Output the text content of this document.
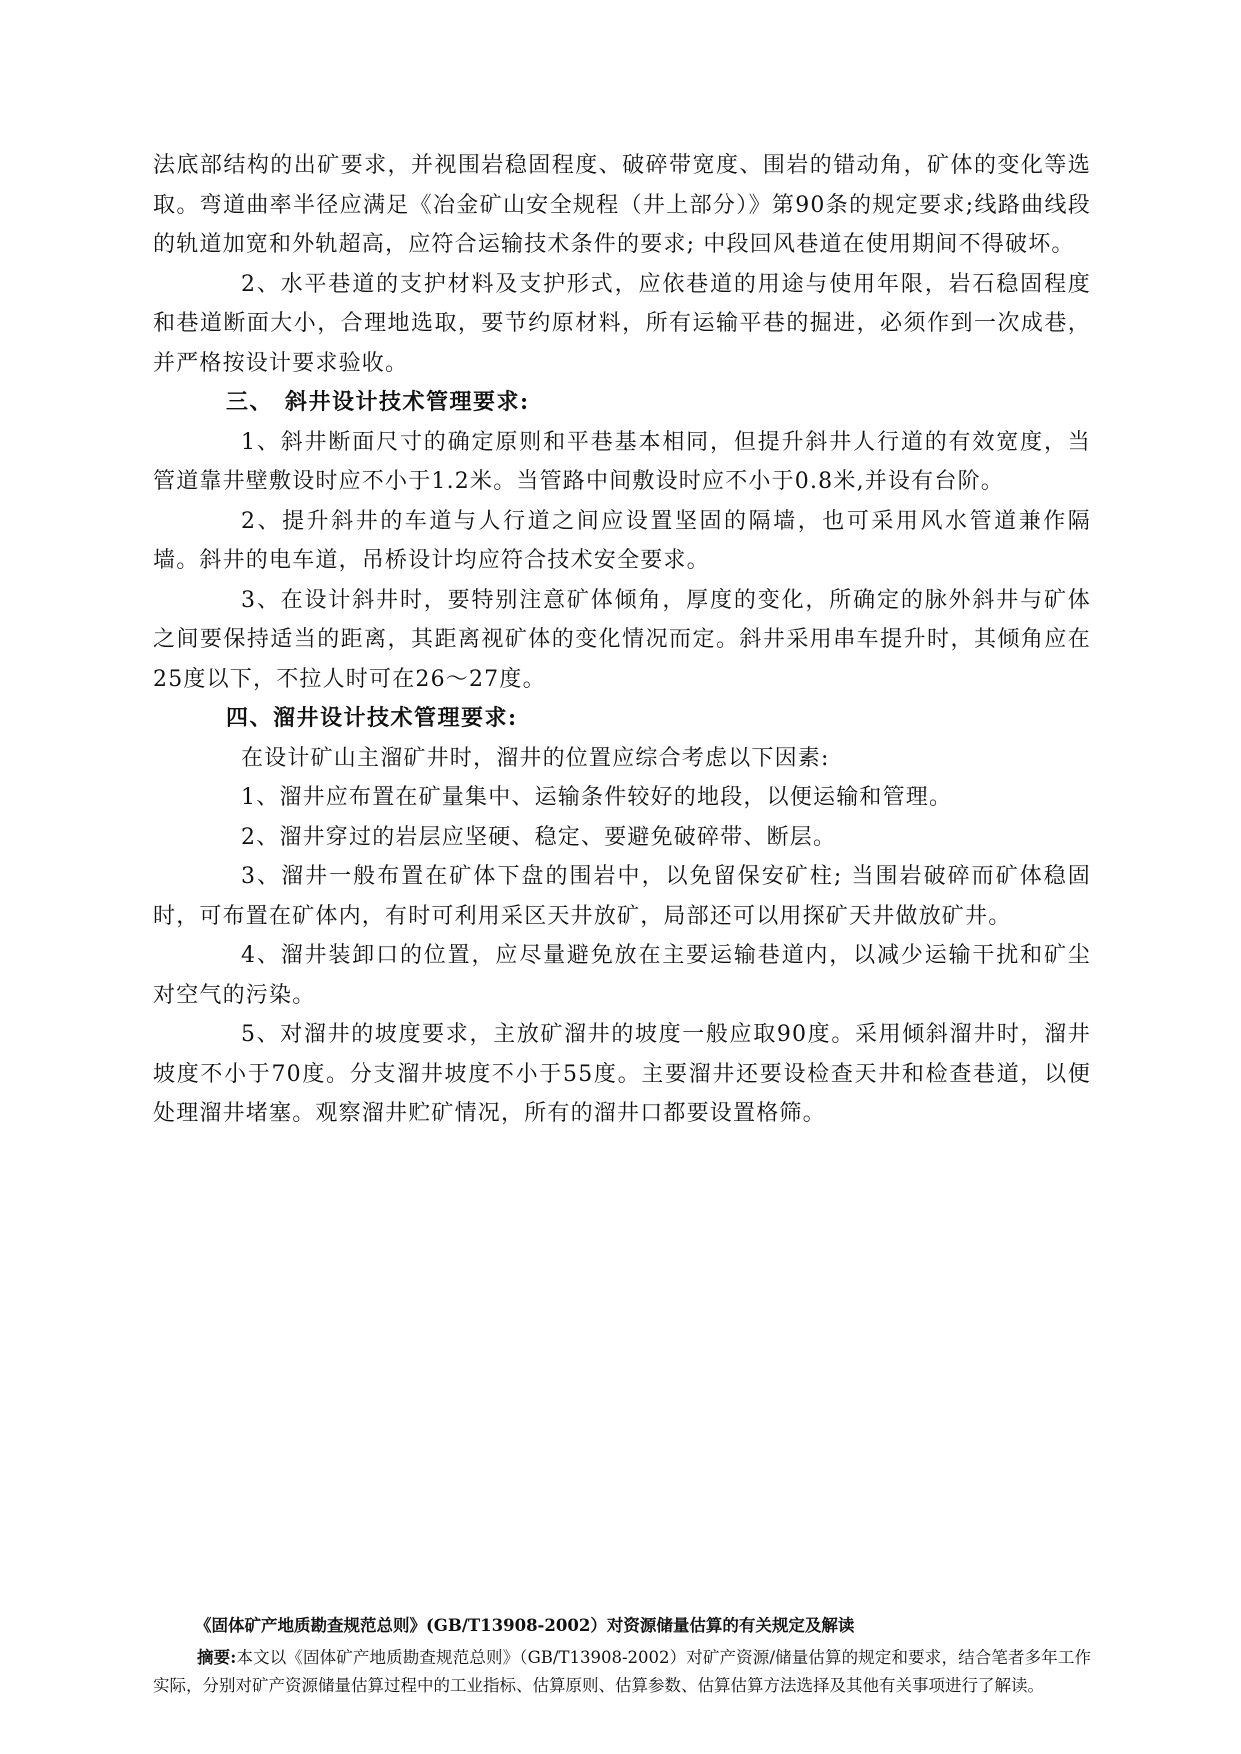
法底部结构的出矿要求，并视围岩稳固程度、破碎带宽度、围岩的错动角，矿体的变化等选取。弯道曲率半径应满足《冶金矿山安全规程（井上部分）》第90条的规定要求;线路曲线段的轨道加宽和外轨超高，应符合运输技术条件的要求; 中段回风巷道在使用期间不得破坏。

2、水平巷道的支护材料及支护形式，应依巷道的用途与使用年限，岩石稳固程度和巷道断面大小，合理地选取，要节约原材料，所有运输平巷的掘进，必须作到一次成巷，并严格按设计要求验收。

三、 斜井设计技术管理要求:

1、斜井断面尺寸的确定原则和平巷基本相同，但提升斜井人行道的有效宽度，当管道靠井壁敷设时应不小于1.2米。当管路中间敷设时应不小于0.8米,并设有台阶。

2、提升斜井的车道与人行道之间应设置坚固的隔墙，也可采用风水管道兼作隔墙。斜井的电车道，吊桥设计均应符合技术安全要求。

3、在设计斜井时，要特别注意矿体倾角，厚度的变化，所确定的脉外斜井与矿体之间要保持适当的距离，其距离视矿体的变化情况而定。斜井采用串车提升时，其倾角应在25度以下，不拉人时可在26～27度。

四、溜井设计技术管理要求:

在设计矿山主溜矿井时，溜井的位置应综合考虑以下因素:

1、溜井应布置在矿量集中、运输条件较好的地段，以便运输和管理。

2、溜井穿过的岩层应坚硬、稳定、要避免破碎带、断层。

3、溜井一般布置在矿体下盘的围岩中，以免留保安矿柱; 当围岩破碎而矿体稳固时，可布置在矿体内，有时可利用采区天井放矿，局部还可以用探矿天井做放矿井。

4、溜井装卸口的位置，应尽量避免放在主要运输巷道内，以减少运输干扰和矿尘对空气的污染。

5、对溜井的坡度要求，主放矿溜井的坡度一般应取90度。采用倾斜溜井时，溜井坡度不小于70度。分支溜井坡度不小于55度。主要溜井还要设检查天井和检查巷道，以便处理溜井堵塞。观察溜井贮矿情况，所有的溜井口都要设置格筛。

《固体矿产地质勘查规范总则》(GB/T13908-2002）对资源储量估算的有关规定及解读

摘要:本文以《固体矿产地质勘查规范总则》（GB/T13908-2002）对矿产资源/储量估算的规定和要求，结合笔者多年工作实际，分别对矿产资源储量估算过程中的工业指标、估算原则、估算参数、估算估算方法选择及其他有关事项进行了解读。
